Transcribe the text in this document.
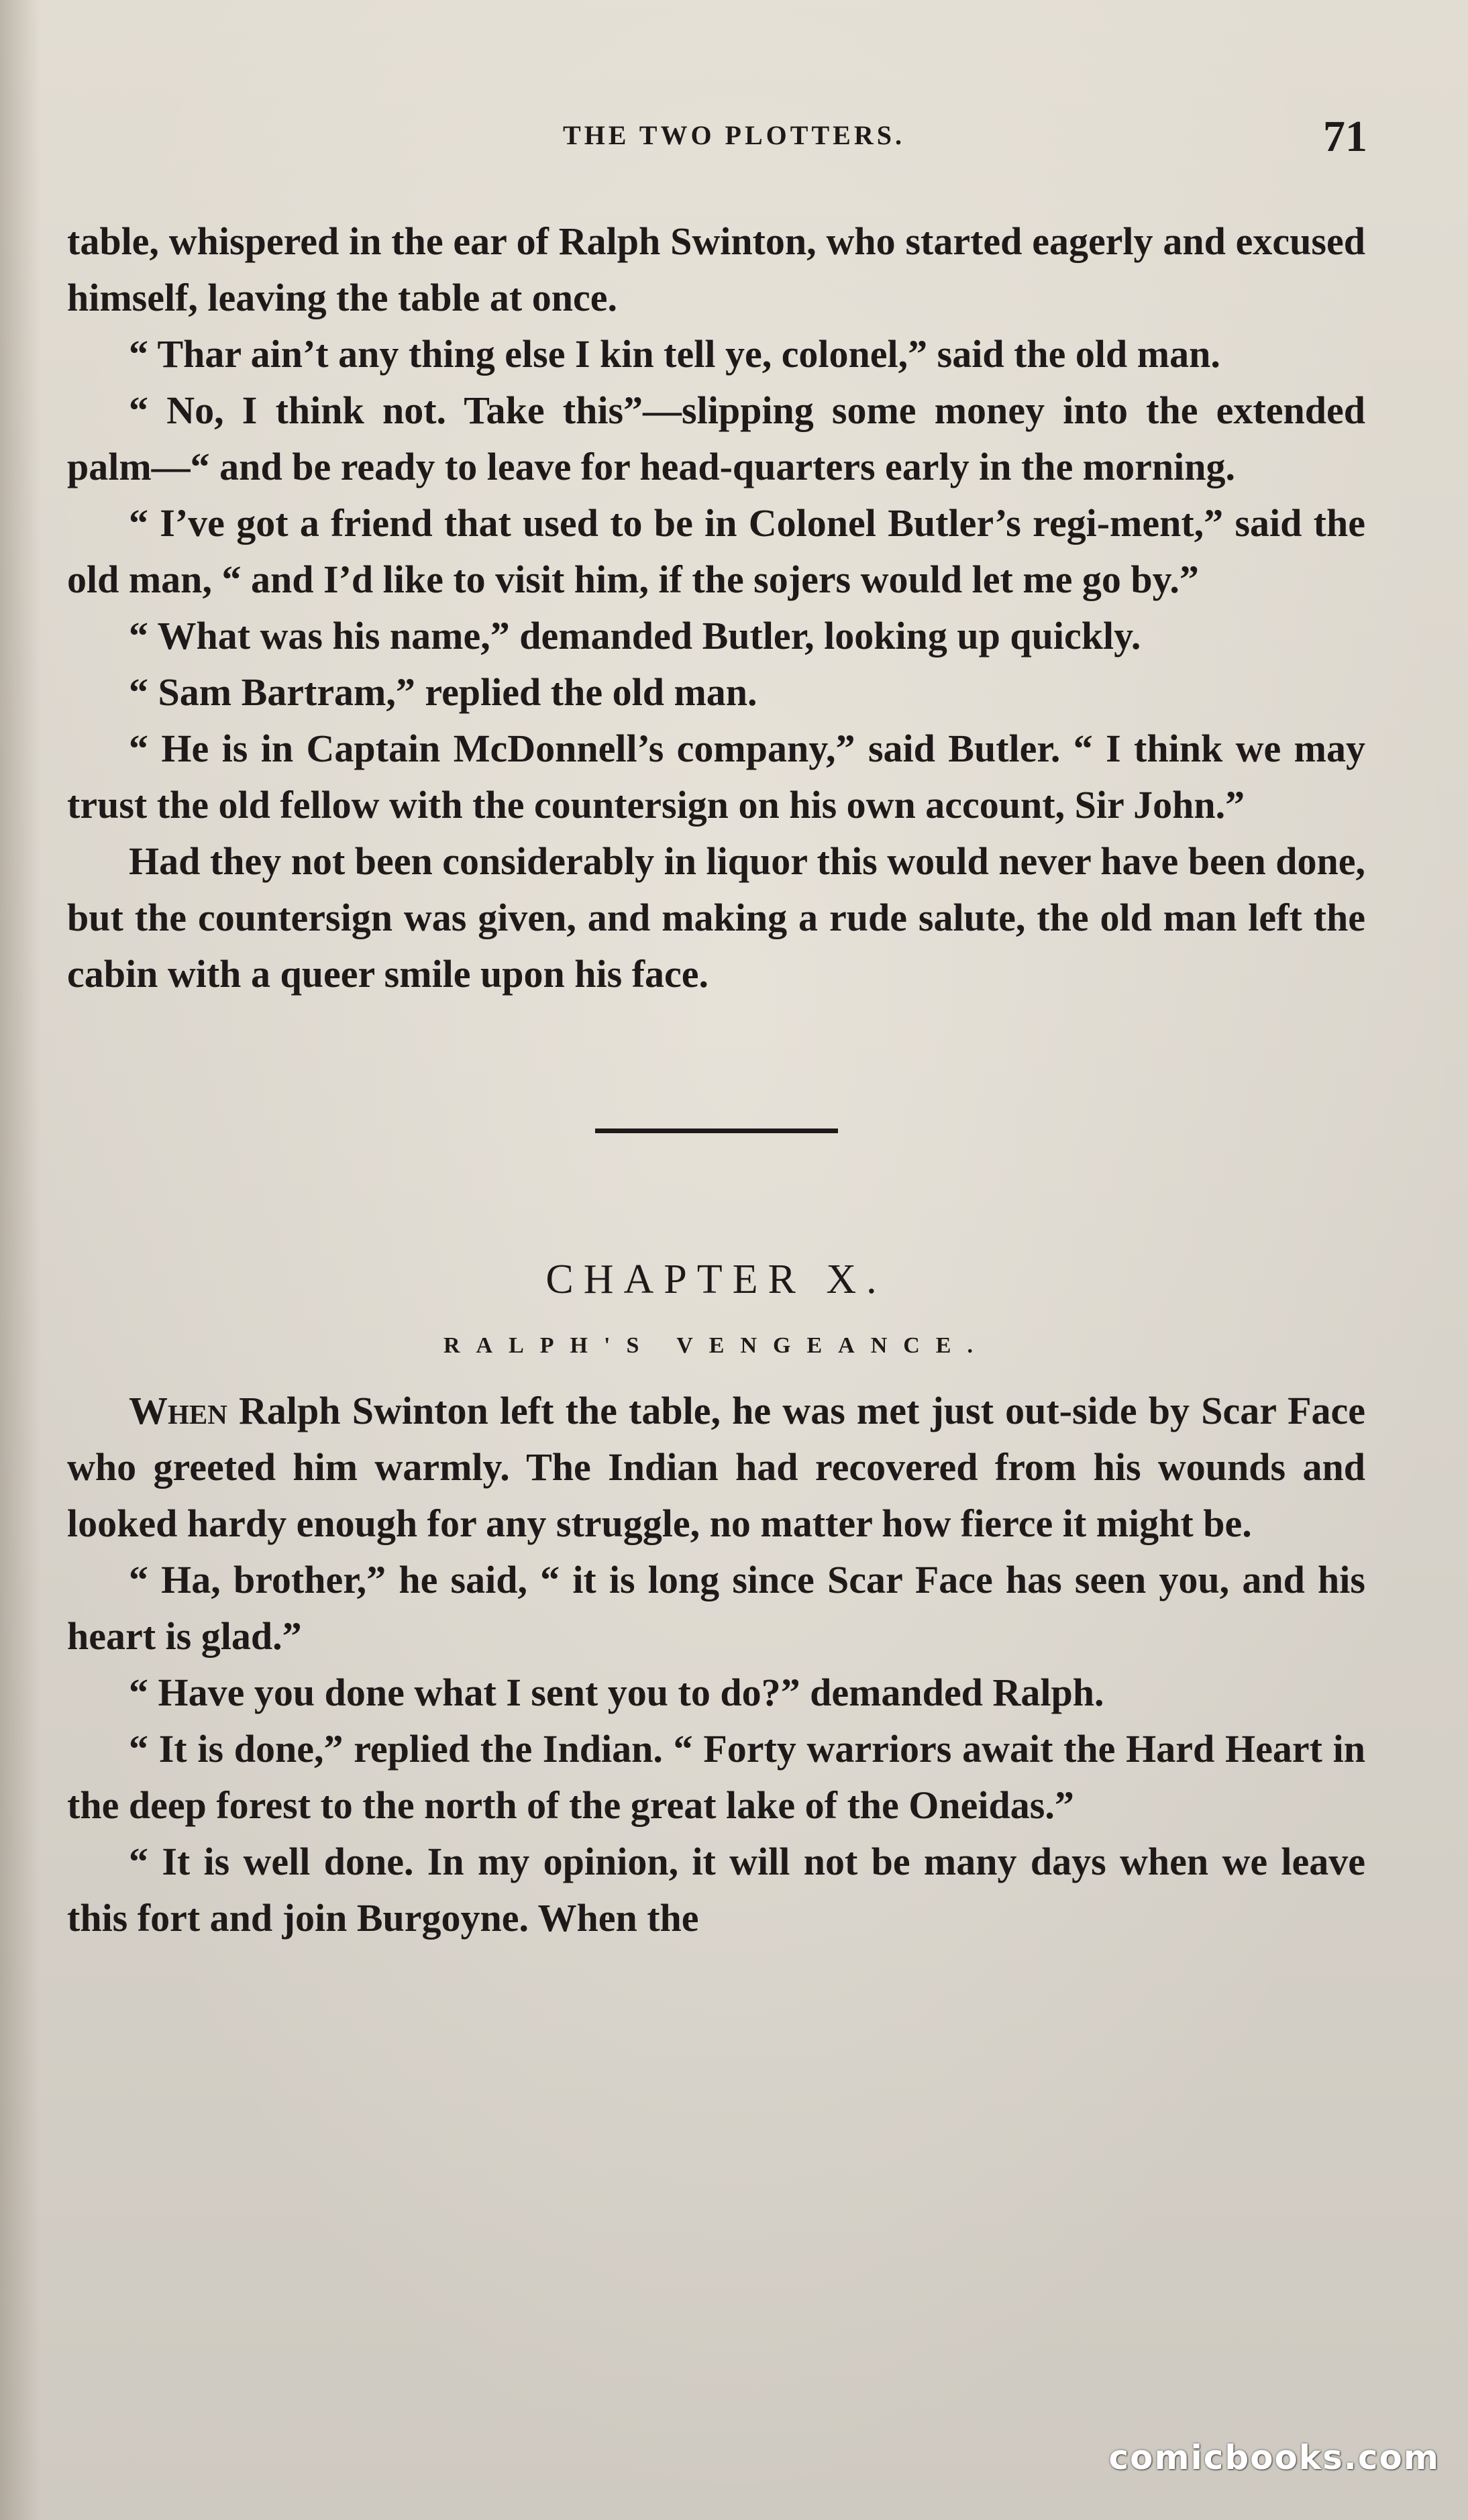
THE TWO PLOTTERS.	71

table, whispered in the ear of Ralph Swinton, who started eagerly and excused himself, leaving the table at once.

“ Thar ain’t any thing else I kin tell ye, colonel,” said the old man.

“ No, I think not. Take this”—slipping some money into the extended palm—“ and be ready to leave for head-quarters early in the morning.

“ I’ve got a friend that used to be in Colonel Butler’s regi-ment,” said the old man, “ and I’d like to visit him, if the sojers would let me go by.”

“ What was his name,” demanded Butler, looking up quickly.

“ Sam Bartram,” replied the old man.

“ He is in Captain McDonnell’s company,” said Butler. “ I think we may trust the old fellow with the countersign on his own account, Sir John.”

Had they not been considerably in liquor this would never have been done, but the countersign was given, and making a rude salute, the old man left the cabin with a queer smile upon his face.

CHAPTER X.
RALPH'S VENGEANCE.

When Ralph Swinton left the table, he was met just out-side by Scar Face who greeted him warmly. The Indian had recovered from his wounds and looked hardy enough for any struggle, no matter how fierce it might be.

“ Ha, brother,” he said, “ it is long since Scar Face has seen you, and his heart is glad.”

“ Have you done what I sent you to do?” demanded Ralph.

“ It is done,” replied the Indian. “ Forty warriors await the Hard Heart in the deep forest to the north of the great lake of the Oneidas.”

“ It is well done. In my opinion, it will not be many days when we leave this fort and join Burgoyne. When the

comicbooks.com
